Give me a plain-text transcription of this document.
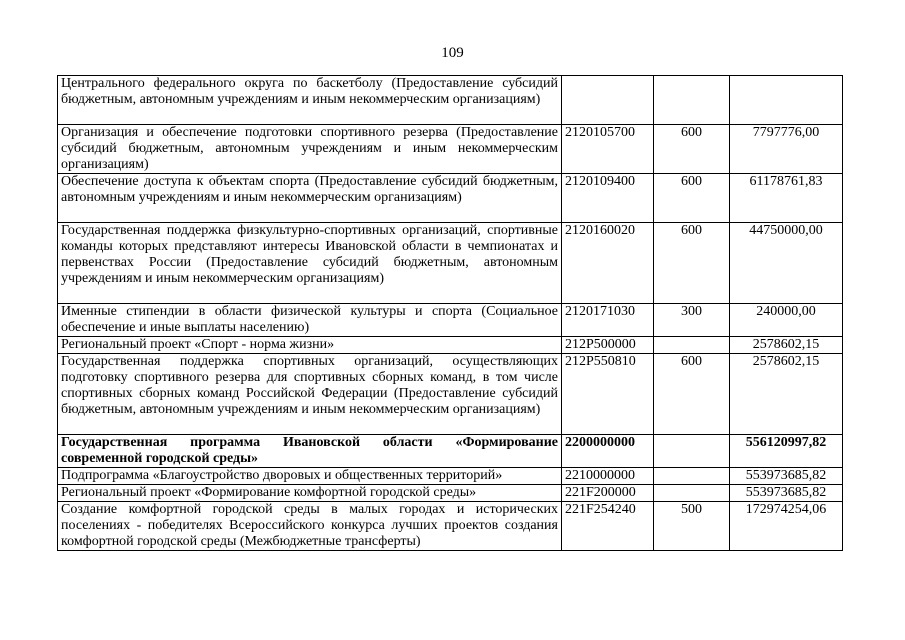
109
Центрального федерального округа по баскетболу (Предоставление субсидий бюджетным, автономным учреждениям и иным некоммерческим организациям)			
Организация и обеспечение подготовки спортивного резерва (Предоставление субсидий бюджетным, автономным учреждениям и иным некоммерческим организациям)	2120105700	600	7797776,00
Обеспечение доступа к объектам спорта (Предоставление субсидий бюджетным, автономным учреждениям и иным некоммерческим организациям)	2120109400	600	61178761,83
Государственная поддержка физкультурно-спортивных организаций, спортивные команды которых представляют интересы Ивановской области в чемпионатах и первенствах России (Предоставление субсидий бюджетным, автономным учреждениям и иным некоммерческим организациям)	2120160020	600	44750000,00
Именные стипендии в области физической культуры и спорта (Социальное обеспечение и иные выплаты населению)	2120171030	300	240000,00
Региональный проект «Спорт - норма жизни»	212P500000		2578602,15
Государственная поддержка спортивных организаций, осуществляющих подготовку спортивного резерва для спортивных сборных команд, в том числе спортивных сборных команд Российской Федерации (Предоставление субсидий бюджетным, автономным учреждениям и иным некоммерческим организациям)	212P550810	600	2578602,15
Государственная программа Ивановской области «Формирование современной городской среды»	2200000000		556120997,82
Подпрограмма «Благоустройство дворовых и общественных территорий»	2210000000		553973685,82
Региональный проект «Формирование комфортной городской среды»	221F200000		553973685,82
Создание комфортной городской среды в малых городах и исторических поселениях - победителях Всероссийского конкурса лучших проектов создания комфортной городской среды (Межбюджетные трансферты)	221F254240	500	172974254,06
